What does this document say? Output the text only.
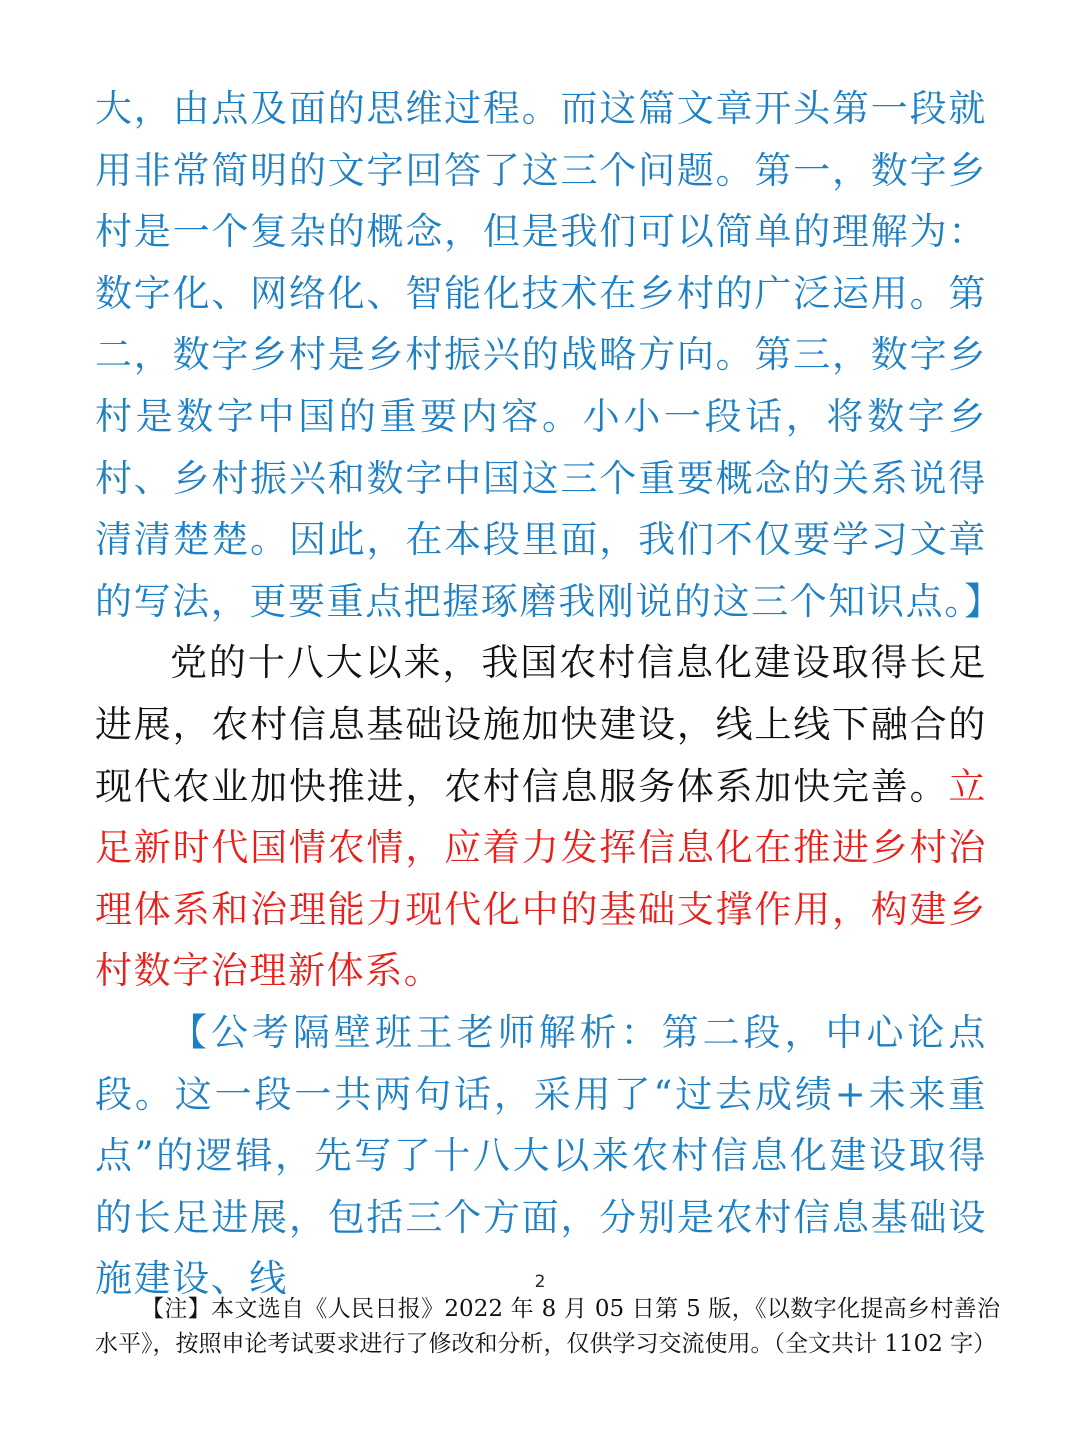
大，由点及面的思维过程。而这篇文章开头第一段就用非常简明的文字回答了这三个问题。第一，数字乡村是一个复杂的概念，但是我们可以简单的理解为：数字化、网络化、智能化技术在乡村的广泛运用。第二，数字乡村是乡村振兴的战略方向。第三，数字乡村是数字中国的重要内容。小小一段话，将数字乡村、乡村振兴和数字中国这三个重要概念的关系说得清清楚楚。因此，在本段里面，我们不仅要学习文章的写法，更要重点把握琢磨我刚说的这三个知识点。】

党的十八大以来，我国农村信息化建设取得长足进展，农村信息基础设施加快建设，线上线下融合的现代农业加快推进，农村信息服务体系加快完善。立足新时代国情农情，应着力发挥信息化在推进乡村治理体系和治理能力现代化中的基础支撑作用，构建乡村数字治理新体系。

【公考隔壁班王老师解析：第二段，中心论点段。这一段一共两句话，采用了“过去成绩+未来重点”的逻辑，先写了十八大以来农村信息化建设取得的长足进展，包括三个方面，分别是农村信息基础设施建设、线	2
【注】本文选自《人民日报》2022 年 8 月 05 日第 5 版，《以数字化提高乡村善治水平》，按照申论考试要求进行了修改和分析，仅供学习交流使用。（全文共计 1102 字）
